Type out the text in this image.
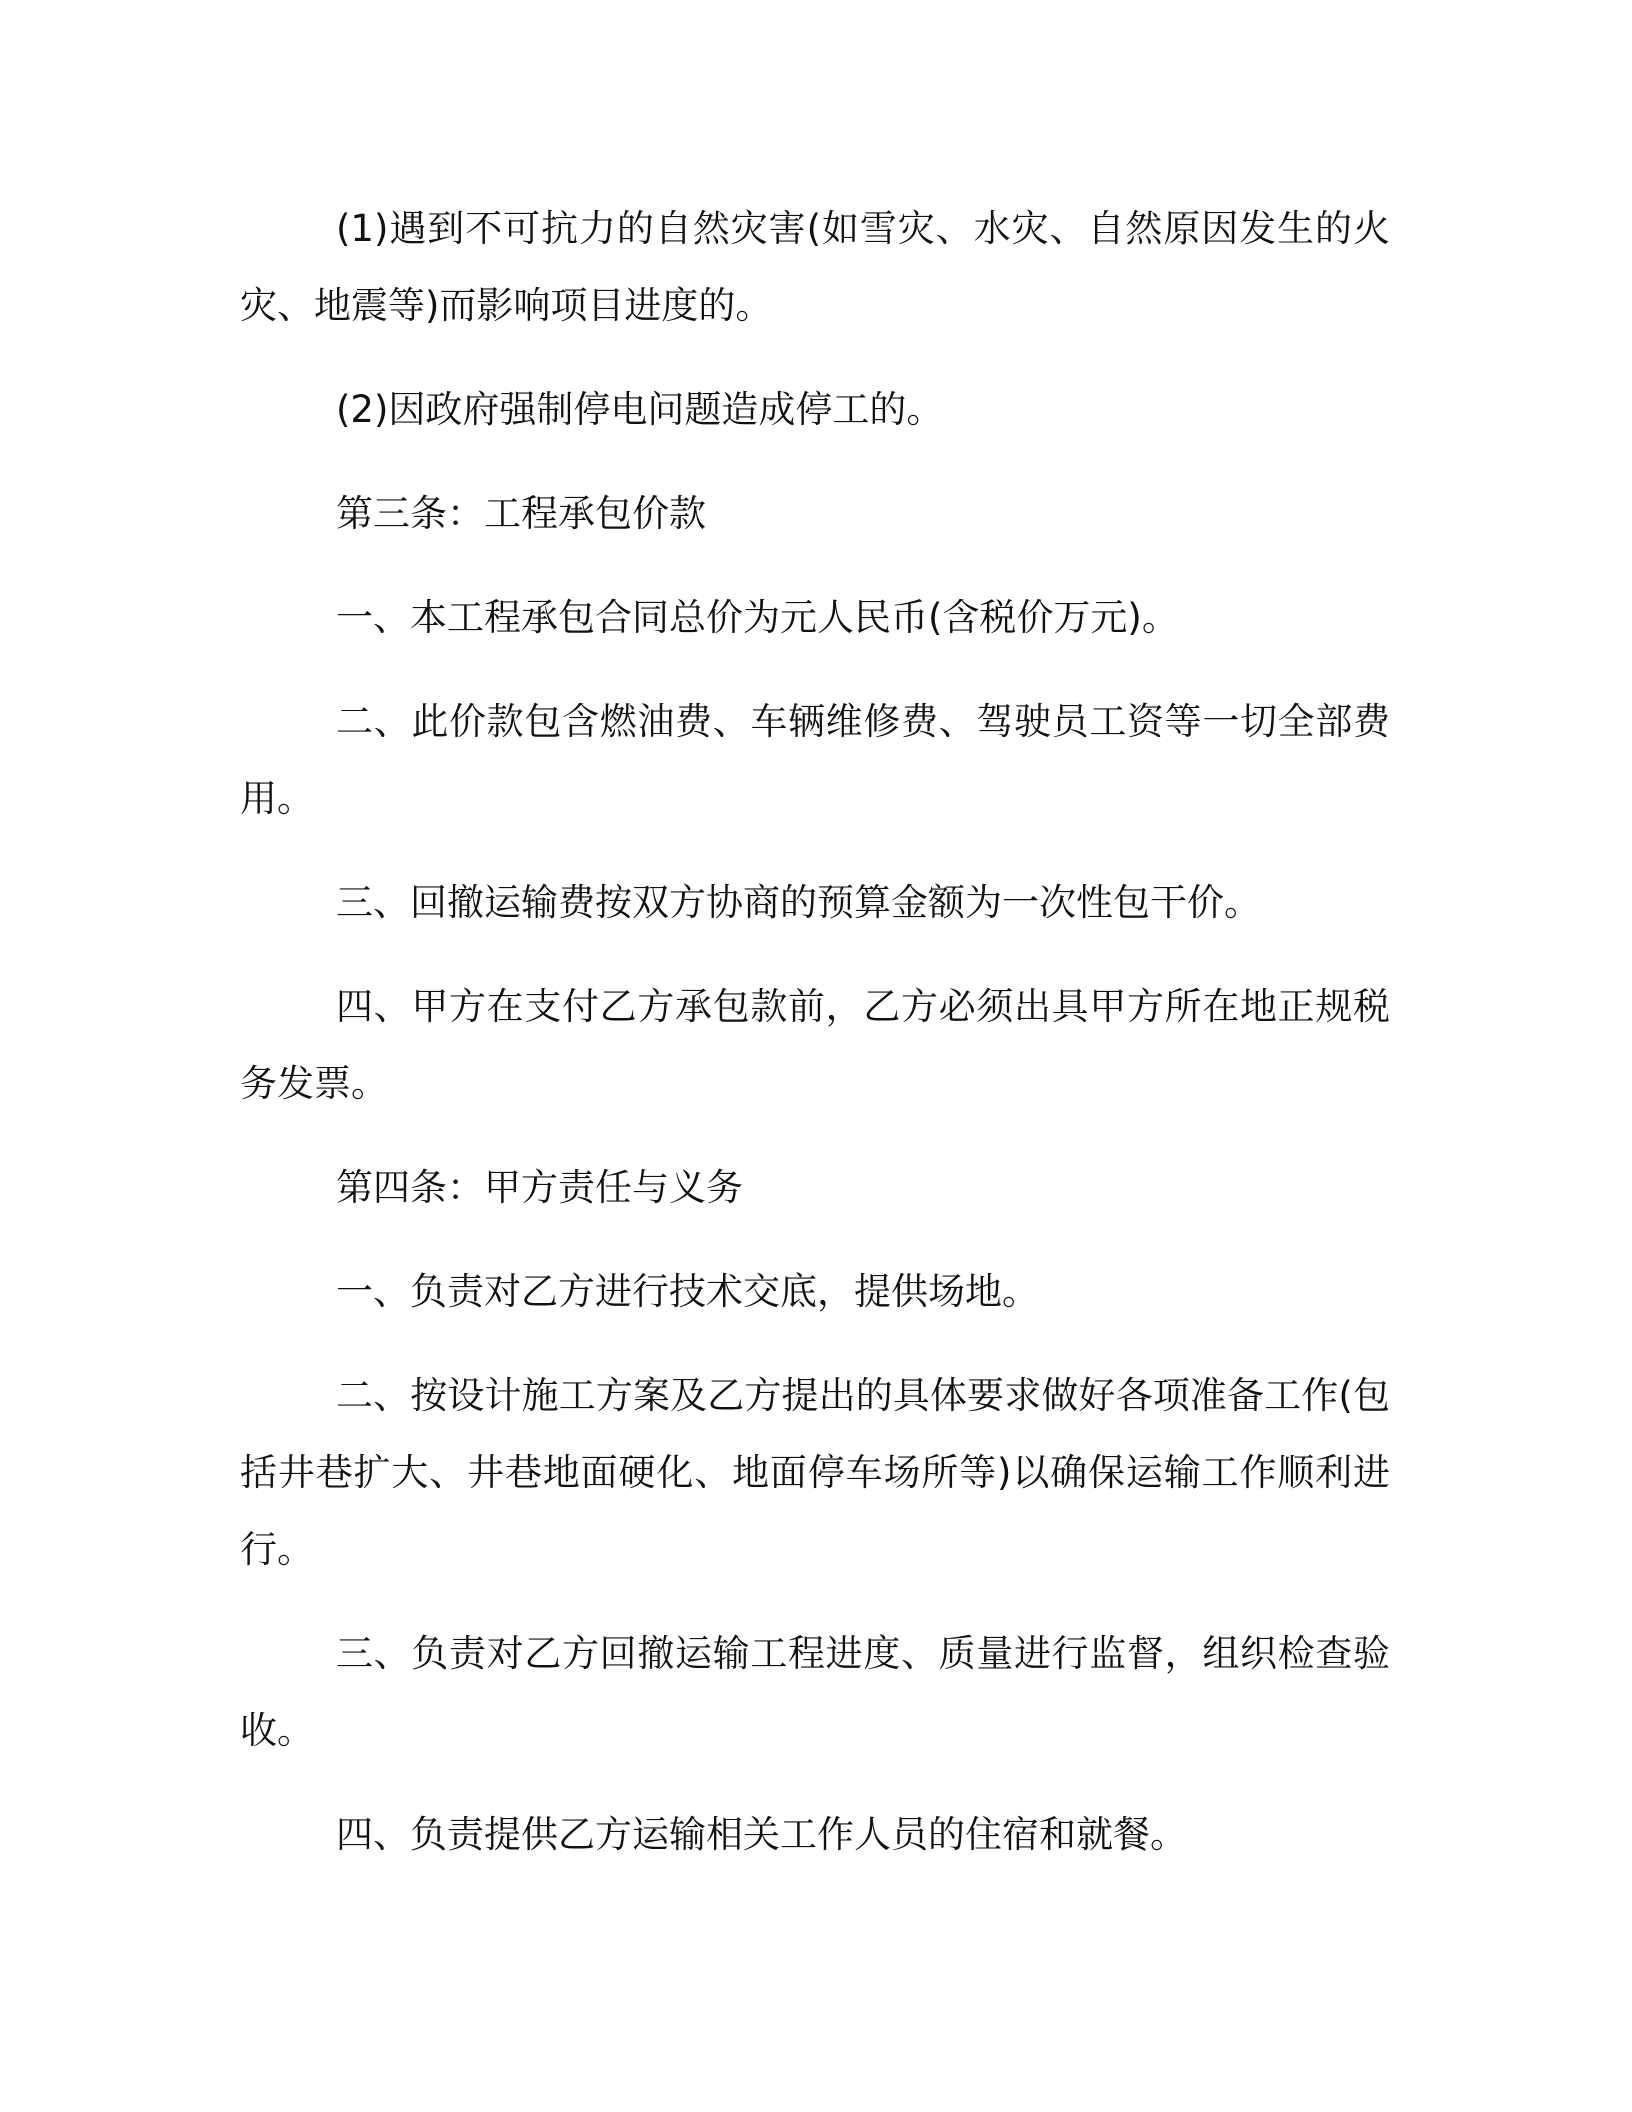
(1)遇到不可抗力的自然灾害(如雪灾、水灾、自然原因发生的火灾、地震等)而影响项目进度的。

(2)因政府强制停电问题造成停工的。

第三条：工程承包价款

一、本工程承包合同总价为元人民币(含税价万元)。

二、此价款包含燃油费、车辆维修费、驾驶员工资等一切全部费用。

三、回撤运输费按双方协商的预算金额为一次性包干价。

四、甲方在支付乙方承包款前，乙方必须出具甲方所在地正规税务发票。

第四条：甲方责任与义务

一、负责对乙方进行技术交底，提供场地。

二、按设计施工方案及乙方提出的具体要求做好各项准备工作(包括井巷扩大、井巷地面硬化、地面停车场所等)以确保运输工作顺利进行。

三、负责对乙方回撤运输工程进度、质量进行监督，组织检查验收。

四、负责提供乙方运输相关工作人员的住宿和就餐。
